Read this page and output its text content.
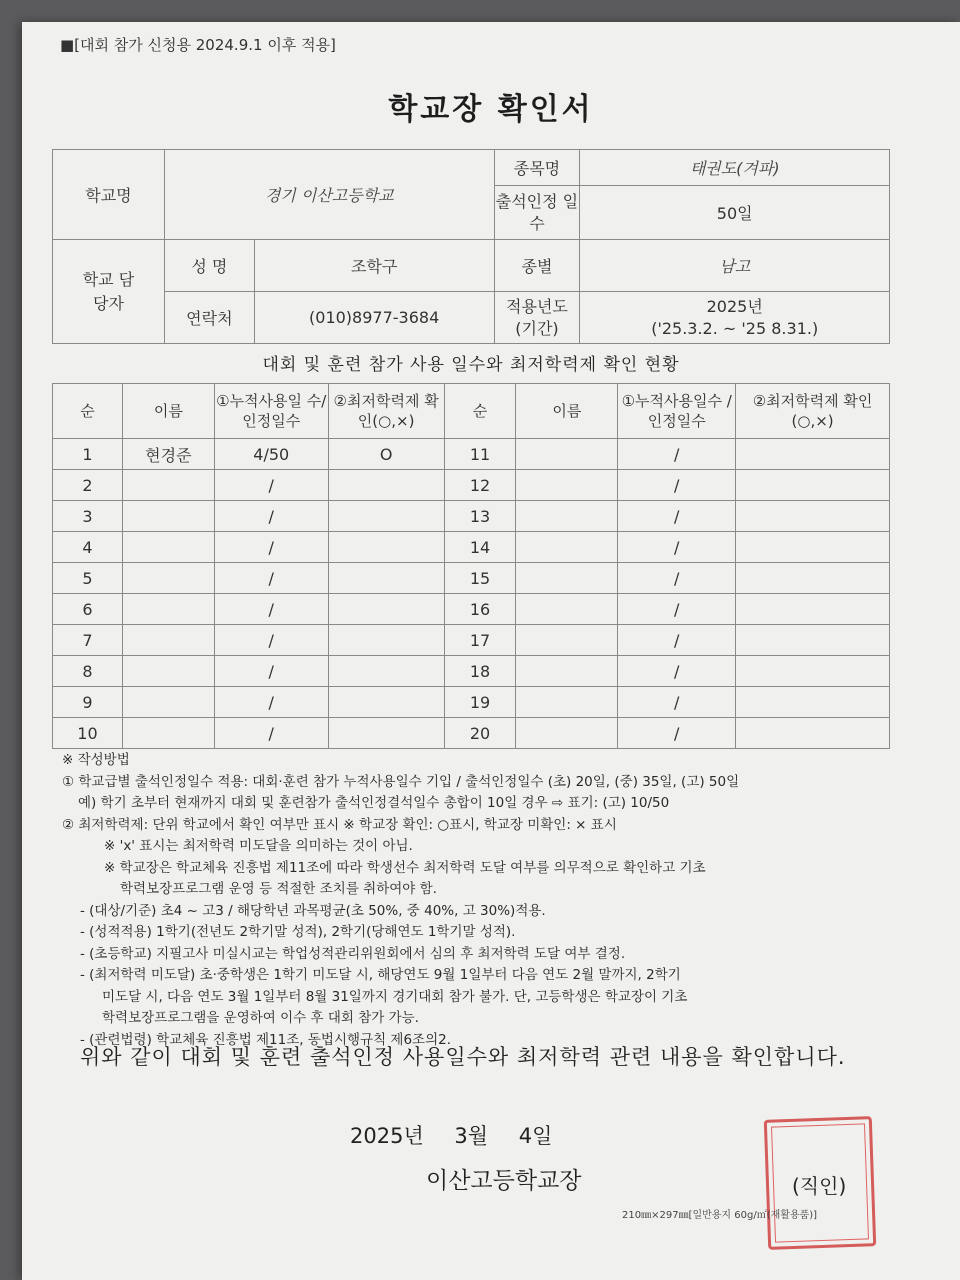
■[대회 참가 신청용 2024.9.1 이후 적용]
학교장 확인서
학교명	경기 이산고등학교		종목명	태권도(겨파)
			출석인정 일수	50일
학교 담당자	성 명	조학구	종별	남고
	연락처	(010)8977-3684	적용년도 (기간)	2025년
('25.3.2. ~ '25 8.31.)
대회 및 훈련 참가 사용 일수와 최저학력제 확인 현황
순	이름	①누적사용일 수/인정일수	②최저학력제 확인(○,×)	순	이름	①누적사용일수 /인정일수	②최저학력제 확인(○,×)
1	현경준	4/50	O	11		/	
2		/		12		/	
3		/		13		/	
4		/		14		/	
5		/		15		/	
6		/		16		/	
7		/		17		/	
8		/		18		/	
9		/		19		/	
10		/		20		/	
※ 작성방법
① 학교급별 출석인정일수 적용: 대회·훈련 참가 누적사용일수 기입 / 출석인정일수 (초) 20일, (중) 35일, (고) 50일
예) 학기 초부터 현재까지 대회 및 훈련참가 출석인정결석일수 총합이 10일 경우 ⇨ 표기: (고) 10/50
② 최저학력제: 단위 학교에서 확인 여부만 표시 ※ 학교장 확인: ○표시, 학교장 미확인: × 표시
※ 'x' 표시는 최저학력 미도달을 의미하는 것이 아님.
※ 학교장은 학교체육 진흥법 제11조에 따라 학생선수 최저학력 도달 여부를 의무적으로 확인하고 기초
학력보장프로그램 운영 등 적절한 조치를 취하여야 함.
- (대상/기준) 초4 ~ 고3 / 해당학년 과목평균(초 50%, 중 40%, 고 30%)적용.
- (성적적용) 1학기(전년도 2학기말 성적), 2학기(당해연도 1학기말 성적).
- (초등학교) 지필고사 미실시교는 학업성적관리위원회에서 심의 후 최저학력 도달 여부 결정.
- (최저학력 미도달) 초·중학생은 1학기 미도달 시, 해당연도 9월 1일부터 다음 연도 2월 말까지, 2학기
미도달 시, 다음 연도 3월 1일부터 8월 31일까지 경기대회 참가 불가. 단, 고등학생은 학교장이 기초
학력보장프로그램을 운영하여 이수 후 대회 참가 가능.
- (관련법령) 학교체육 진흥법 제11조, 동법시행규칙 제6조의2.
위와 같이 대회 및 훈련 출석인정 사용일수와 최저학력 관련 내용을 확인합니다.
2025년 3월 4일
이산고등학교장	(직인)
210㎜×297㎜[일반용지 60g/㎡(재활용품)]
